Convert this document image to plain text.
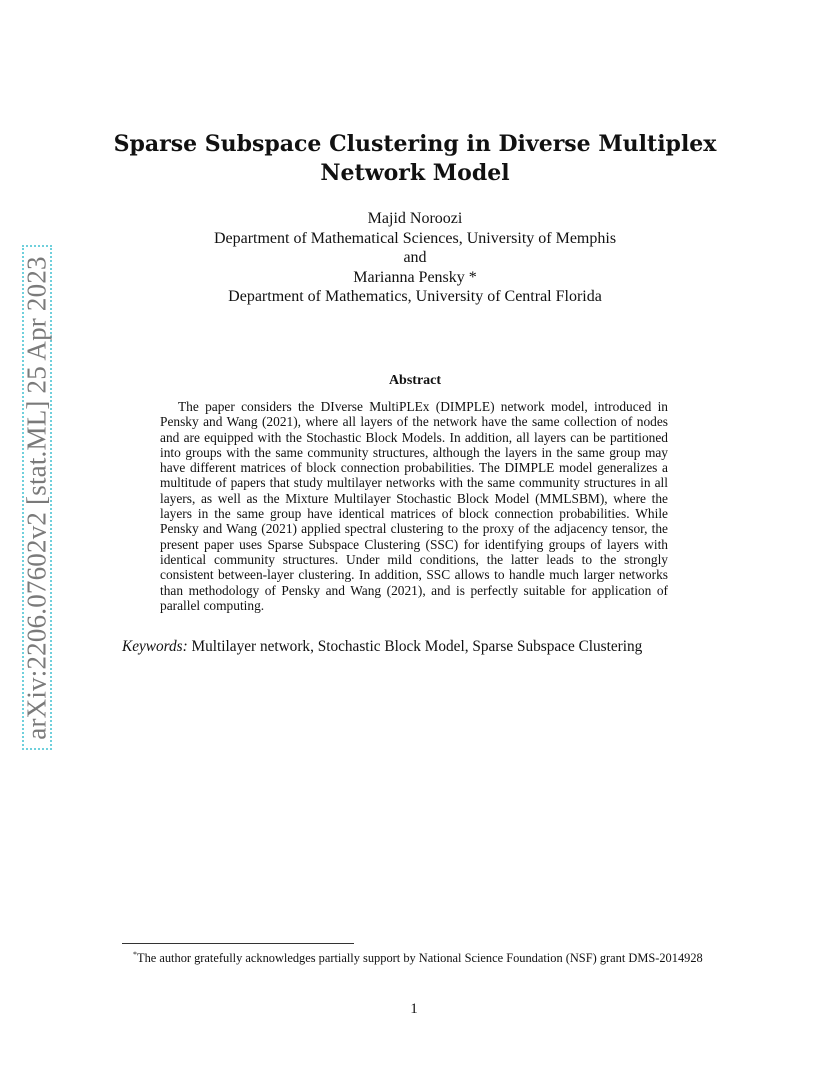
arXiv:2206.07602v2 [stat.ML] 25 Apr 2023
Sparse Subspace Clustering in Diverse Multiplex Network Model
Majid Noroozi
Department of Mathematical Sciences, University of Memphis
and
Marianna Pensky *
Department of Mathematics, University of Central Florida
Abstract
The paper considers the DIverse MultiPLEx (DIMPLE) network model, introduced in Pensky and Wang (2021), where all layers of the network have the same collection of nodes and are equipped with the Stochastic Block Models. In addition, all layers can be partitioned into groups with the same community structures, although the layers in the same group may have different matrices of block connection probabilities. The DIMPLE model generalizes a multitude of papers that study multilayer networks with the same community structures in all layers, as well as the Mixture Multilayer Stochastic Block Model (MMLSBM), where the layers in the same group have identical matrices of block connection probabilities. While Pensky and Wang (2021) applied spectral clustering to the proxy of the adjacency tensor, the present paper uses Sparse Subspace Clustering (SSC) for identifying groups of layers with identical community structures. Under mild conditions, the latter leads to the strongly consistent between-layer clustering. In addition, SSC allows to handle much larger networks than methodology of Pensky and Wang (2021), and is perfectly suitable for application of parallel computing.
Keywords: Multilayer network, Stochastic Block Model, Sparse Subspace Clustering
*The author gratefully acknowledges partially support by National Science Foundation (NSF) grant DMS-2014928
1
